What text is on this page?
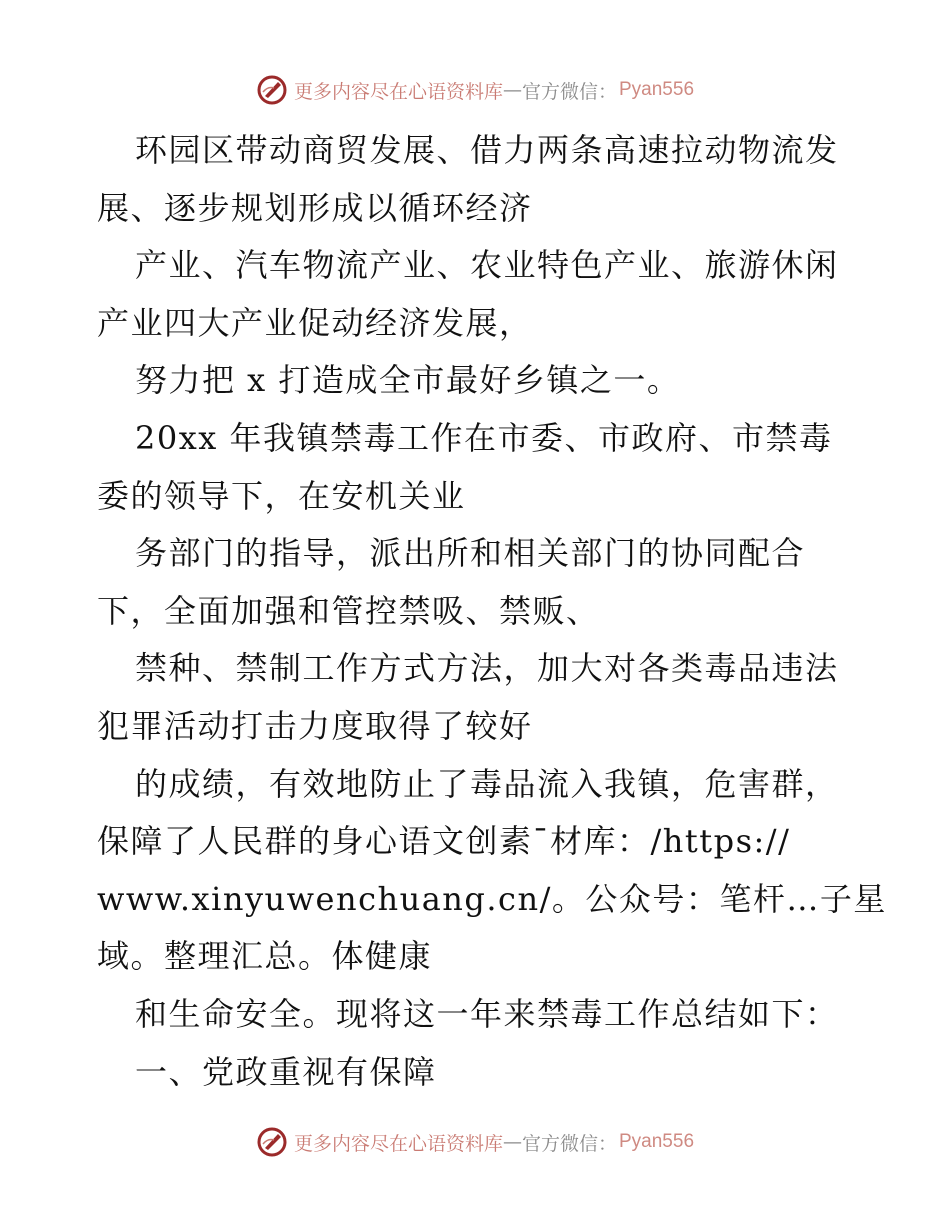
更多内容尽在心语资料库 — 官方微信： Pyan556
环园区带动商贸发展、借力两条高速拉动物流发
展、逐步规划形成以循环经济
产业、汽车物流产业、农业特色产业、旅游休闲
产业四大产业促动经济发展，
努力把 x 打造成全市最好乡镇之一。
20xx 年我镇禁毒工作在市委、市政府、市禁毒
委的领导下，在安机关业
务部门的指导，派出所和相关部门的协同配合
下，全面加强和管控禁吸、禁贩、
禁种、禁制工作方式方法，加大对各类毒品违法
犯罪活动打击力度取得了较好
的成绩，有效地防止了毒品流入我镇，危害群，
保障了人民群的身心语文创素¯材库：/https://
www.xinyuwenchuang.cn/。公众号：笔杆…子星
域。整理汇总。体健康
和生命安全。现将这一年来禁毒工作总结如下：
一、党政重视有保障
更多内容尽在心语资料库 — 官方微信： Pyan556
